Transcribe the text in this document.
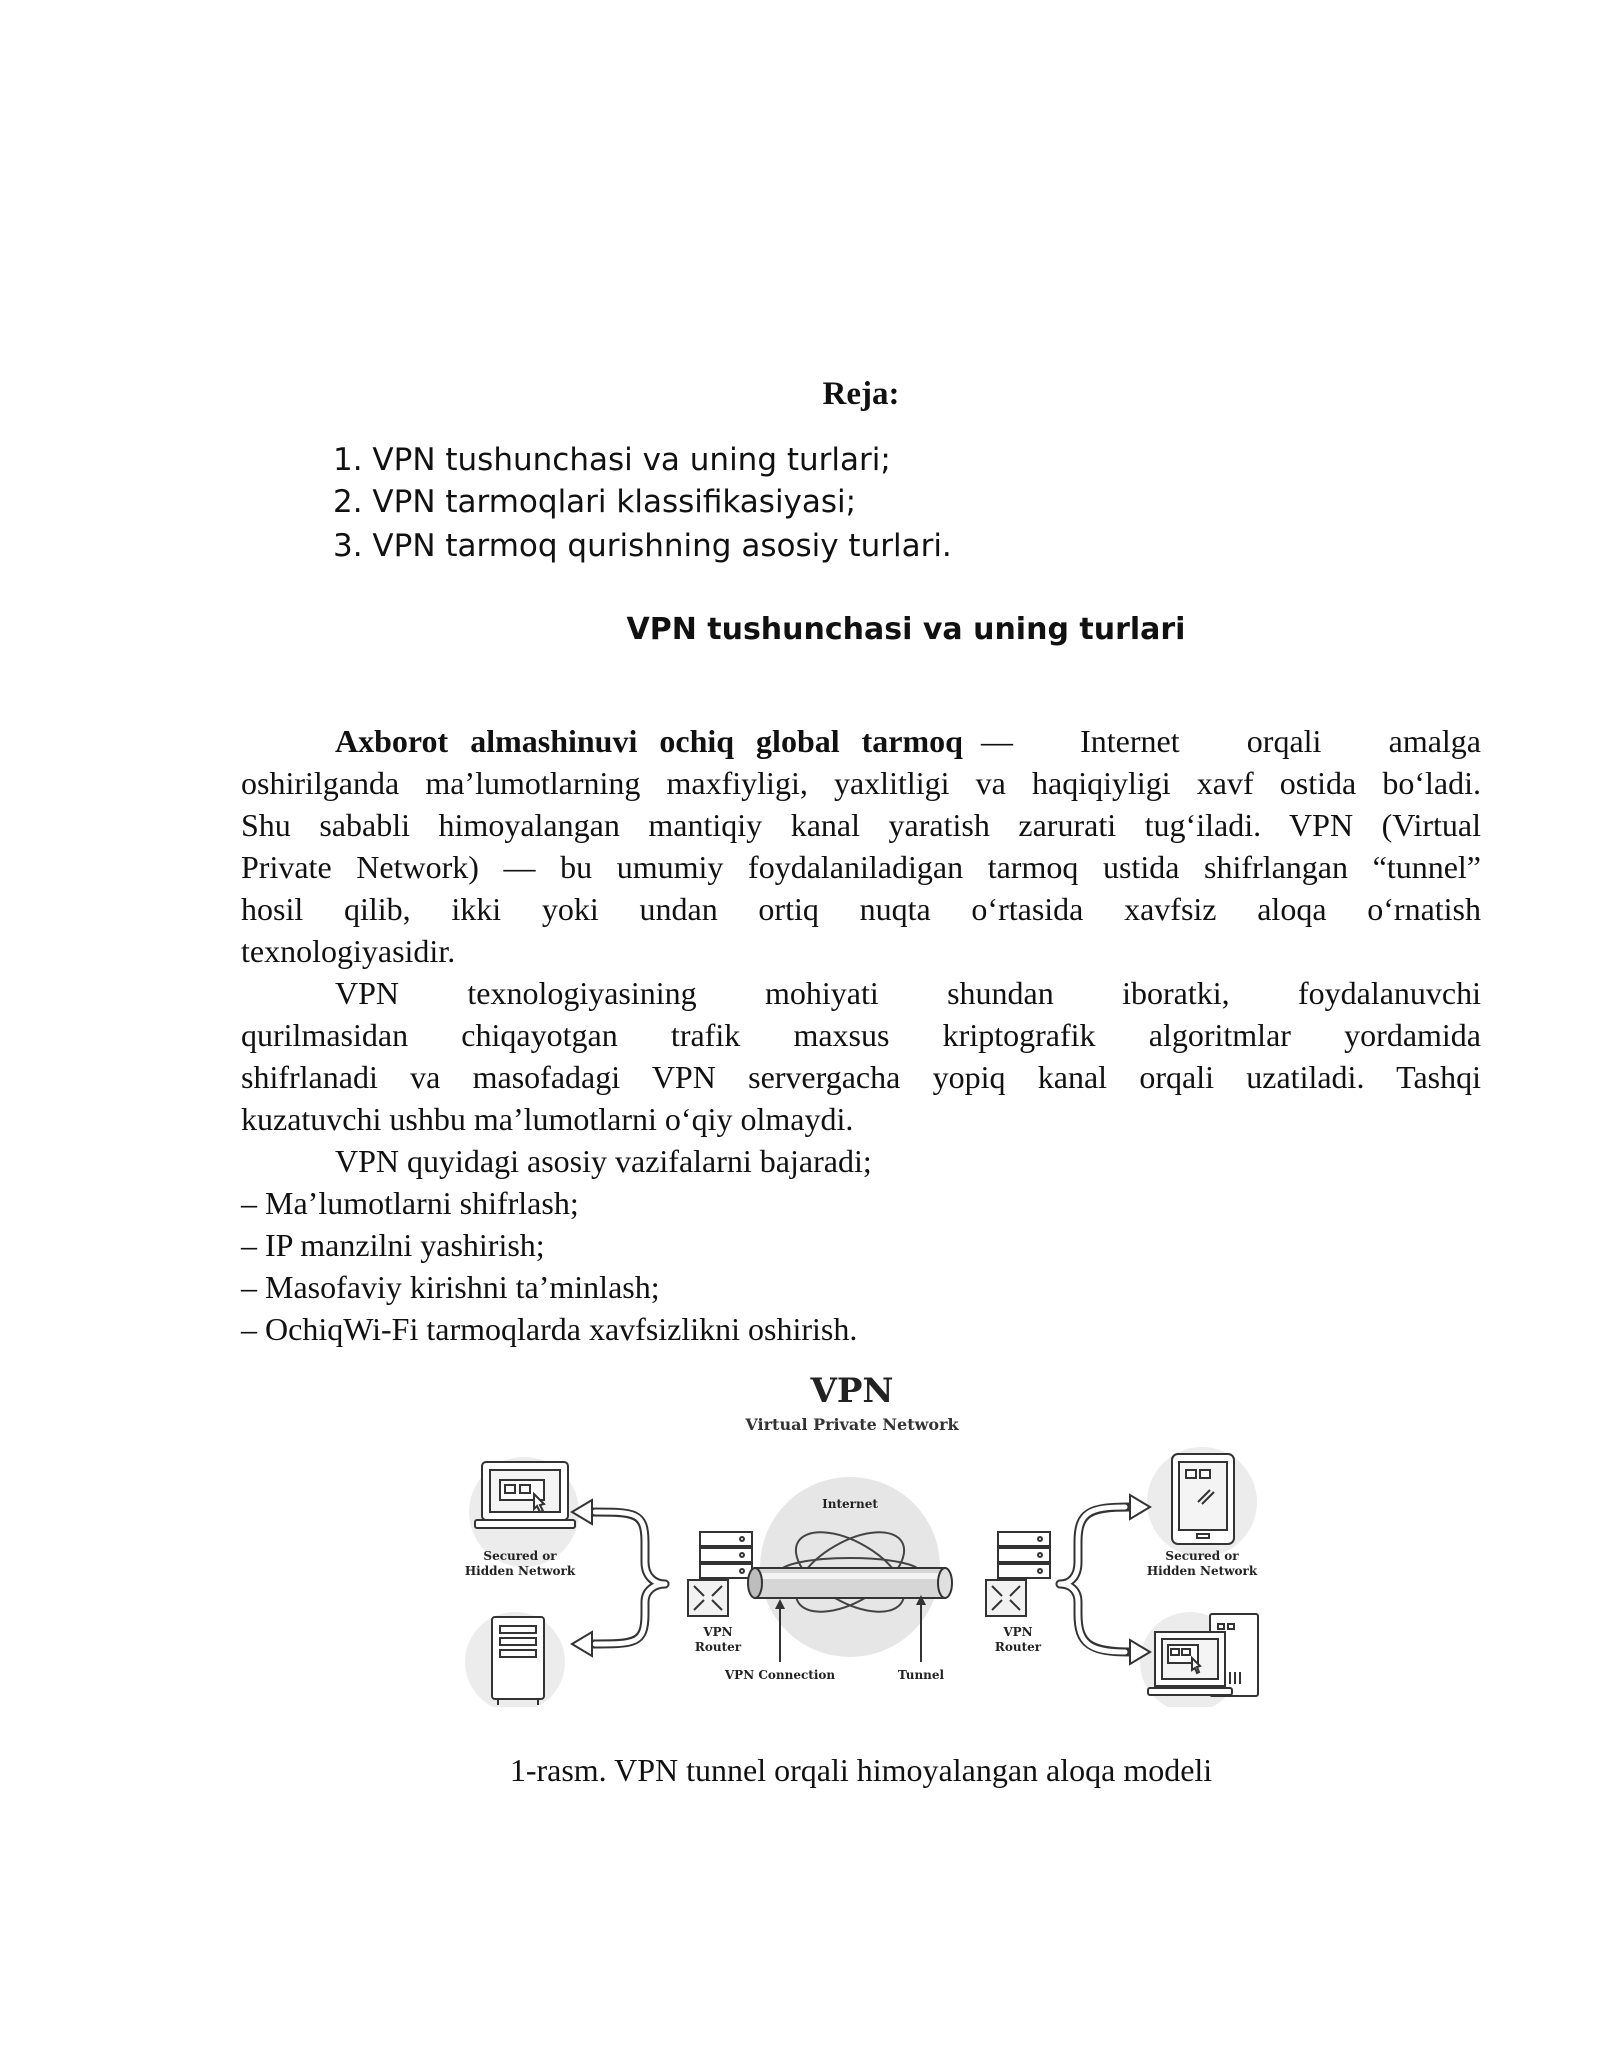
Reja:
1. VPN tushunchasi va uning turlari;
2. VPN tarmoqlari klassifikasiyasi;
3. VPN tarmoq qurishning asosiy turlari.
VPN tushunchasi va uning turlari
Axborot almashinuvi ochiq global tarmoq — Internet orqali amalga
oshirilganda ma’lumotlarning maxfiyligi, yaxlitligi va haqiqiyligi xavf ostida bo‘ladi.
Shu sababli himoyalangan mantiqiy kanal yaratish zarurati tug‘iladi. VPN (Virtual
Private Network) — bu umumiy foydalaniladigan tarmoq ustida shifrlangan “tunnel”
hosil qilib, ikki yoki undan ortiq nuqta o‘rtasida xavfsiz aloqa o‘rnatish
texnologiyasidir.
VPN texnologiyasining mohiyati shundan iboratki, foydalanuvchi
qurilmasidan chiqayotgan trafik maxsus kriptografik algoritmlar yordamida
shifrlanadi va masofadagi VPN servergacha yopiq kanal orqali uzatiladi. Tashqi
kuzatuvchi ushbu ma’lumotlarni o‘qiy olmaydi.
VPN quyidagi asosiy vazifalarni bajaradi;
– Ma’lumotlarni shifrlash;
– IP manzilni yashirish;
– Masofaviy kirishni ta’minlash;
– OchiqWi-Fi tarmoqlarda xavfsizlikni oshirish.
VPN
Virtual Private Network
Secured or
Hidden Network
VPN
Router
Internet
VPN Connection	Tunnel
VPN
Router
Secured or
Hidden Network
1-rasm. VPN tunnel orqali himoyalangan aloqa modeli
